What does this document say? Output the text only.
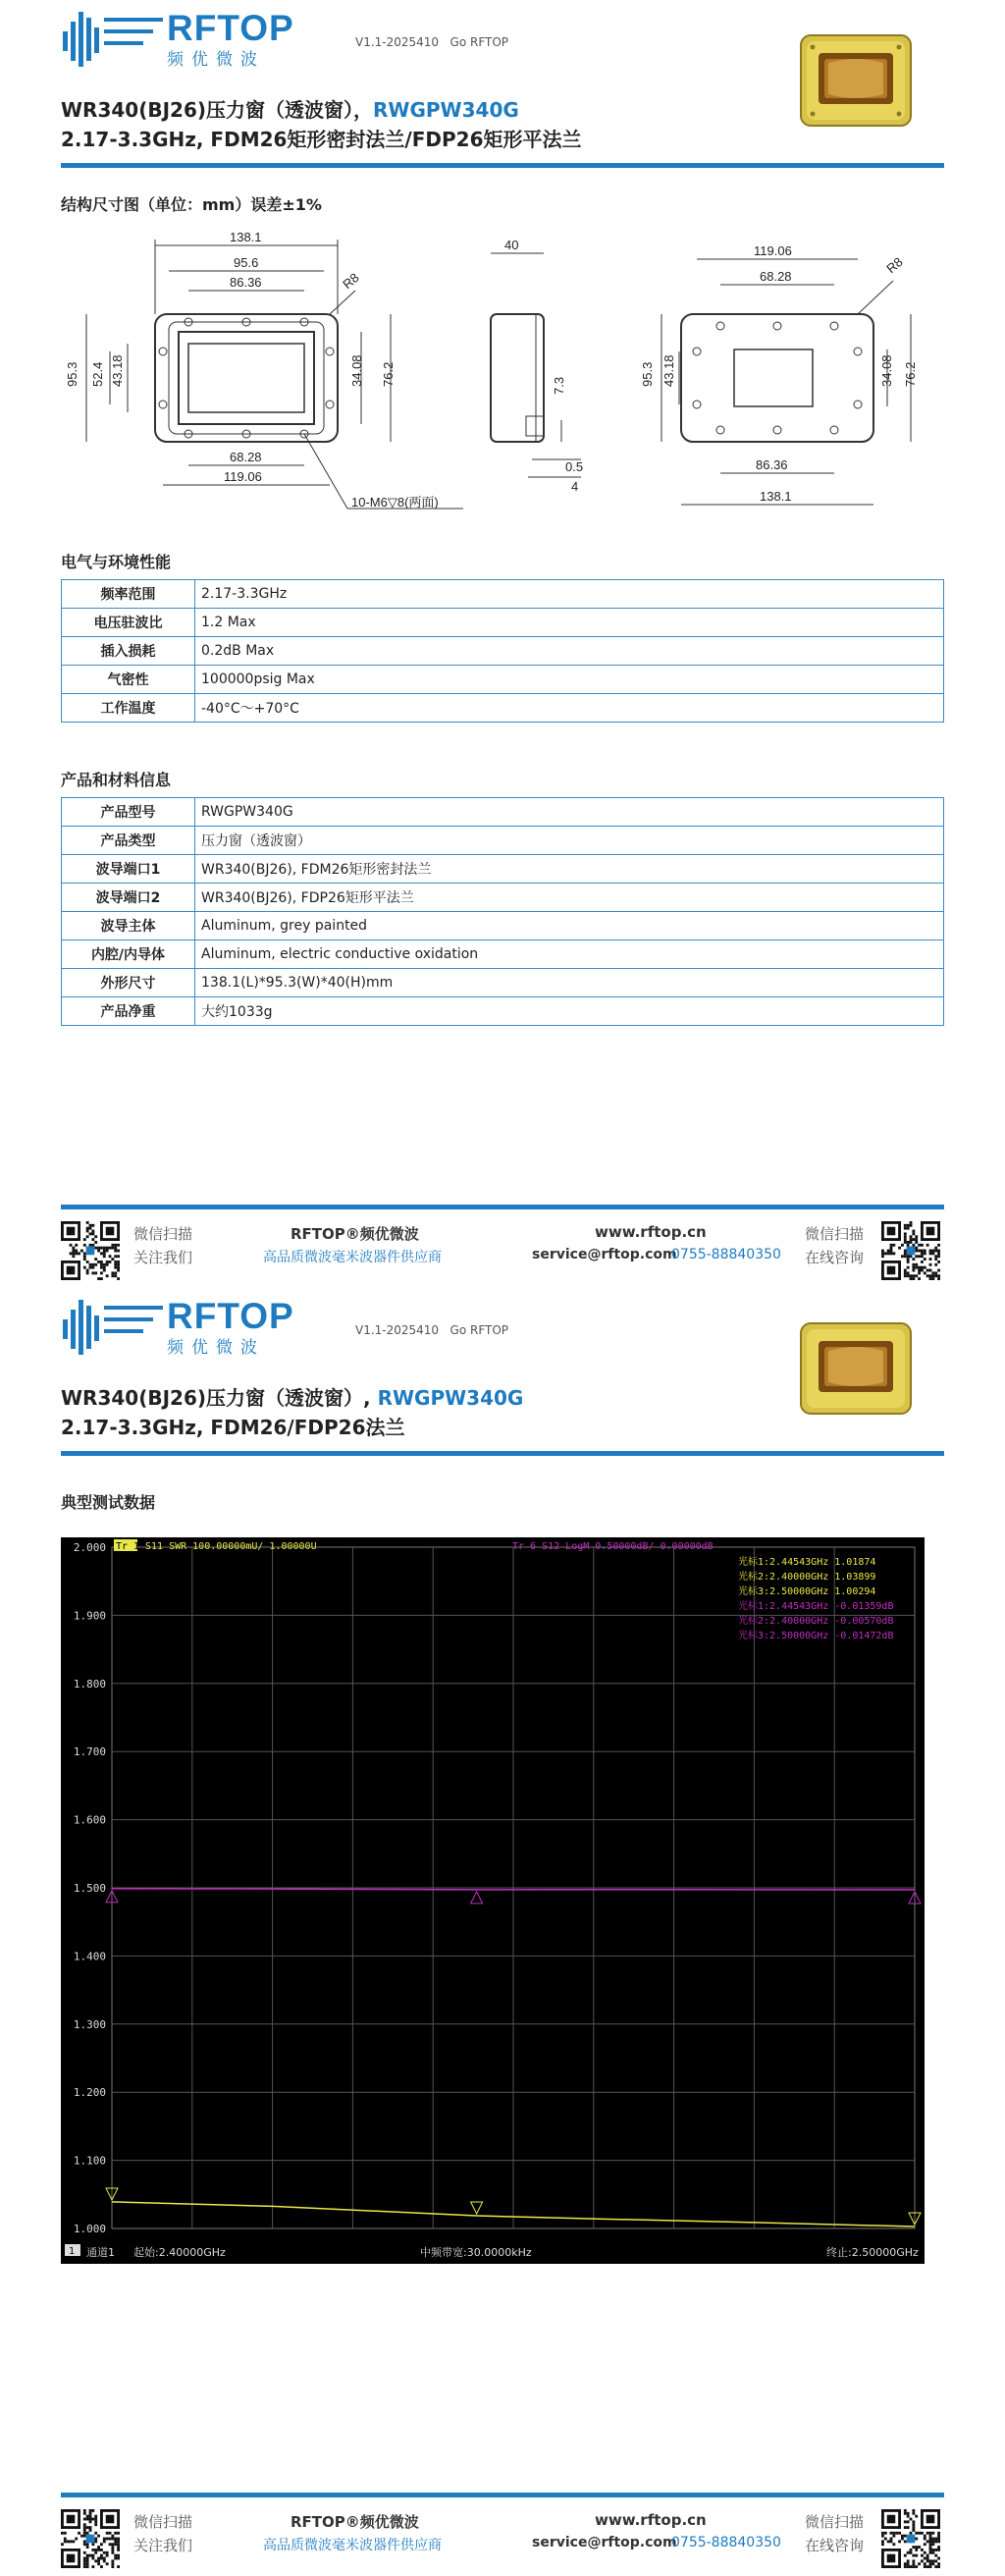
RFTOP
频优微波
V1.1-2025410 Go RFTOP
WR340(BJ26)压力窗（透波窗），RWGPW340G
2.17-3.3GHz, FDM26矩形密封法兰/FDP26矩形平法兰
结构尺寸图（单位：mm）误差±1%
138.1
95.6
86.36
95.3 52.4 43.18	34.08 76.2
68.28
119.06
R8
10-M6▽8(两面)
40
7.3
0.5
4
119.06
68.28
R8
95.3 43.18	34.08 76.2
86.36
138.1
电气与环境性能
频率范围	2.17-3.3GHz
电压驻波比	1.2 Max
插入损耗	0.2dB Max
气密性	100000psig Max
工作温度	-40°C～+70°C
产品和材料信息
产品型号	RWGPW340G
产品类型	压力窗（透波窗）
波导端口1	WR340(BJ26), FDM26矩形密封法兰
波导端口2	WR340(BJ26), FDP26矩形平法兰
波导主体	Aluminum, grey painted
内腔/内导体	Aluminum, electric conductive oxidation
外形尺寸	138.1(L)*95.3(W)*40(H)mm
产品净重	大约1033g
微信扫描
关注我们
RFTOP®频优微波
高品质微波毫米波器件供应商
www.rftop.cn
service@rftop.com
0755-88840350
微信扫描
在线咨询
RFTOP
频优微波
V1.1-2025410 Go RFTOP
WR340(BJ26)压力窗（透波窗）, RWGPW340G
2.17-3.3GHz, FDM26/FDP26法兰
典型测试数据
微信扫描
关注我们
RFTOP®频优微波
高品质微波毫米波器件供应商
www.rftop.cn
service@rftop.com
0755-88840350
微信扫描
在线咨询
2.000
1.900
1.800
1.700
1.600
1.500
1.400
1.300
1.200
1.100
1.000
Tr 1 S11 SWR 100.00000mU/ 1.00000U	Tr 6 S12 LogM 0.50000dB/ 0.00000dB
光标1:2.44543GHz 1.01874
光标2:2.40000GHz 1.03899
光标3:2.50000GHz 1.00294
光标1:2.44543GHz -0.01359dB
光标2:2.40000GHz -0.00570dB
光标3:2.50000GHz -0.01472dB
1 通道1 起始:2.40000GHz	中频带宽:30.0000kHz	终止:2.50000GHz
